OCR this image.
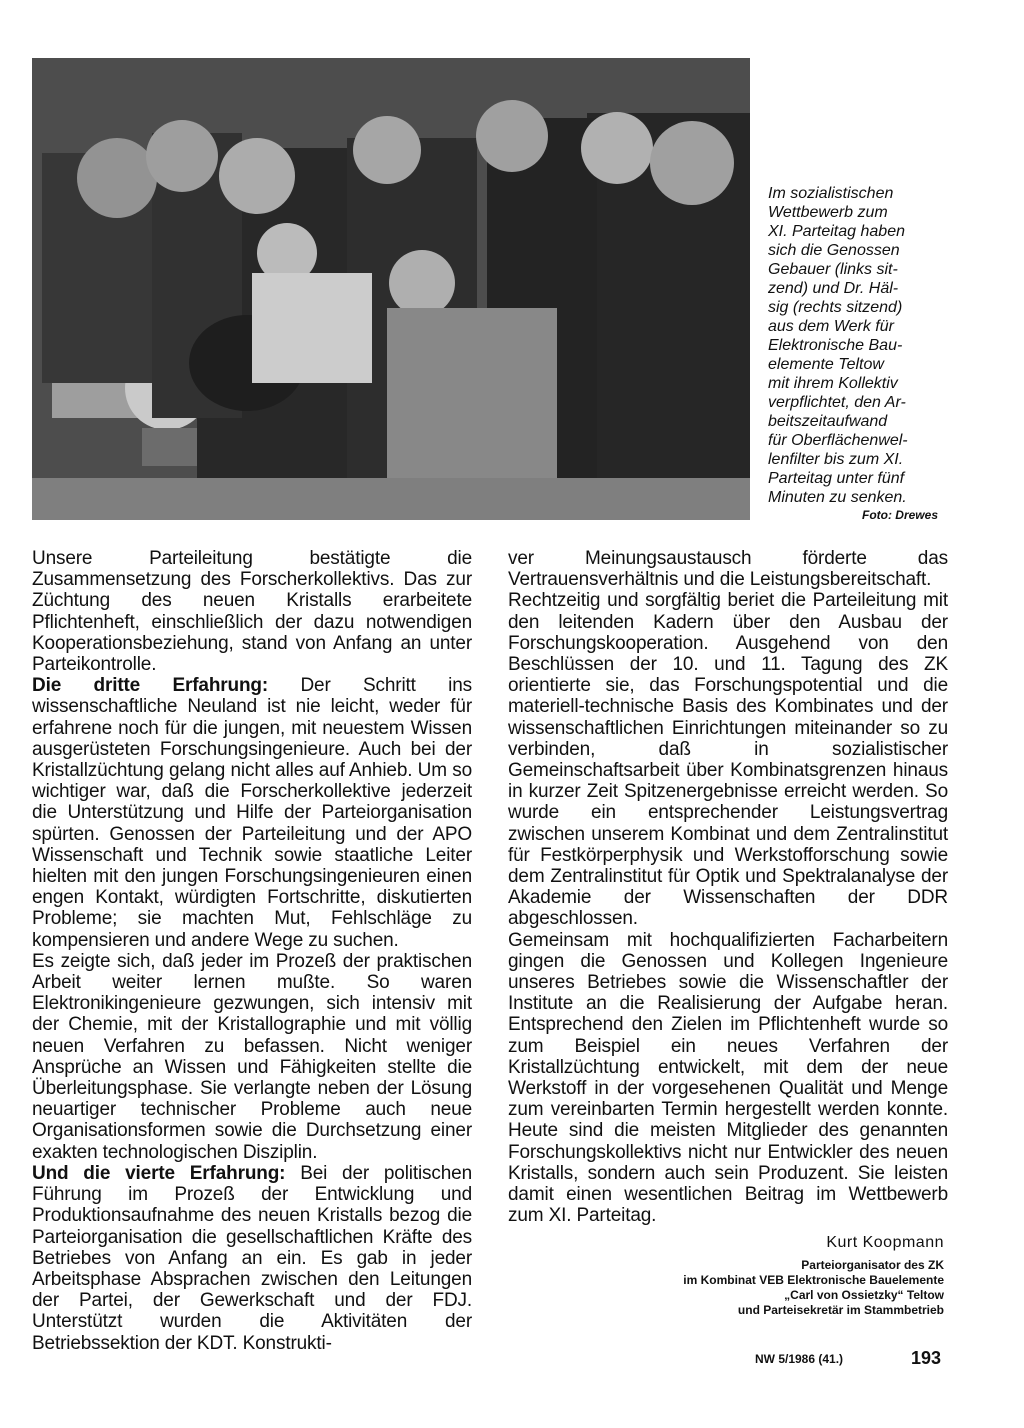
Im sozialistischen
Wettbewerb zum
XI. Parteitag haben
sich die Genossen
Gebauer (links sit-
zend) und Dr. Häl-
sig (rechts sitzend)
aus dem Werk für
Elektronische Bau-
elemente Teltow
mit ihrem Kollektiv
verpflichtet, den Ar-
beitszeitaufwand
für Oberflächenwel-
lenfilter bis zum XI.
Parteitag unter fünf
Minuten zu senken.
Foto: Drewes

Unsere Parteileitung bestätigte die Zusammensetzung des Forscherkollektivs. Das zur Züchtung des neuen Kristalls erarbeitete Pflichtenheft, einschließlich der dazu notwendigen Kooperationsbeziehung, stand von Anfang an unter Parteikontrolle.

Die dritte Erfahrung: Der Schritt ins wissenschaftliche Neuland ist nie leicht, weder für erfahrene noch für die jungen, mit neuestem Wissen ausgerüsteten Forschungsingenieure. Auch bei der Kristallzüchtung gelang nicht alles auf Anhieb. Um so wichtiger war, daß die Forscherkollektive jederzeit die Unterstützung und Hilfe der Parteiorganisation spürten. Genossen der Parteileitung und der APO Wissenschaft und Technik sowie staatliche Leiter hielten mit den jungen Forschungsingenieuren einen engen Kontakt, würdigten Fortschritte, diskutierten Probleme; sie machten Mut, Fehlschläge zu kompensieren und andere Wege zu suchen.

Es zeigte sich, daß jeder im Prozeß der praktischen Arbeit weiter lernen mußte. So waren Elektronikingenieure gezwungen, sich intensiv mit der Chemie, mit der Kristallographie und mit völlig neuen Verfahren zu befassen. Nicht weniger Ansprüche an Wissen und Fähigkeiten stellte die Überleitungsphase. Sie verlangte neben der Lösung neuartiger technischer Probleme auch neue Organisationsformen sowie die Durchsetzung einer exakten technologischen Disziplin.

Und die vierte Erfahrung: Bei der politischen Führung im Prozeß der Entwicklung und Produktionsaufnahme des neuen Kristalls bezog die Parteiorganisation die gesellschaftlichen Kräfte des Betriebes von Anfang an ein. Es gab in jeder Arbeitsphase Absprachen zwischen den Leitungen der Partei, der Gewerkschaft und der FDJ. Unterstützt wurden die Aktivitäten der Betriebssektion der KDT. Konstrukti-

ver Meinungsaustausch förderte das Vertrauensverhältnis und die Leistungsbereitschaft.

Rechtzeitig und sorgfältig beriet die Parteileitung mit den leitenden Kadern über den Ausbau der Forschungskooperation. Ausgehend von den Beschlüssen der 10. und 11. Tagung des ZK orientierte sie, das Forschungspotential und die materiell-technische Basis des Kombinates und der wissenschaftlichen Einrichtungen miteinander so zu verbinden, daß in sozialistischer Gemeinschaftsarbeit über Kombinatsgrenzen hinaus in kurzer Zeit Spitzenergebnisse erreicht werden. So wurde ein entsprechender Leistungsvertrag zwischen unserem Kombinat und dem Zentralinstitut für Festkörperphysik und Werkstofforschung sowie dem Zentralinstitut für Optik und Spektralanalyse der Akademie der Wissenschaften der DDR abgeschlossen.

Gemeinsam mit hochqualifizierten Facharbeitern gingen die Genossen und Kollegen Ingenieure unseres Betriebes sowie die Wissenschaftler der Institute an die Realisierung der Aufgabe heran. Entsprechend den Zielen im Pflichtenheft wurde so zum Beispiel ein neues Verfahren der Kristallzüchtung entwickelt, mit dem der neue Werkstoff in der vorgesehenen Qualität und Menge zum vereinbarten Termin hergestellt werden konnte. Heute sind die meisten Mitglieder des genannten Forschungskollektivs nicht nur Entwickler des neuen Kristalls, sondern auch sein Produzent. Sie leisten damit einen wesentlichen Beitrag im Wettbewerb zum XI. Parteitag.

Kurt Koopmann
Parteiorganisator des ZK
im Kombinat VEB Elektronische Bauelemente
„Carl von Ossietzky“ Teltow
und Parteisekretär im Stammbetrieb
NW 5/1986 (41.)	193
